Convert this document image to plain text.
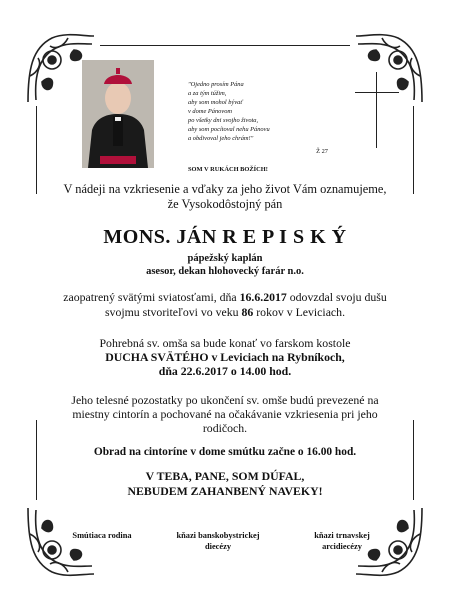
"Ojedno prosím Pána
a za tým túžim,
aby som mohol bývať
v dome Pánovom
po všetky dni svojho života,
aby som pocítoval nehu Pánovu
a obdivoval jeho chrám!"
Ž 27
SOM V RUKÁCH BOŽÍCH!
V nádeji na vzkriesenie a vďaky za jeho život Vám oznamujeme,
že Vysokodôstojný pán
MONS. JÁN R E P I S K Ý
pápežský kaplán
asesor, dekan hlohovecký farár n.o.
zaopatrený svätými sviatosťami, dňa 16.6.2017 odovzdal svoju dušu
svojmu stvoriteľovi vo veku 86 rokov v Leviciach.
Pohrebná sv. omša sa bude konať vo farskom kostole
DUCHA SVÄTÉHO v Leviciach na Rybníkoch,
dňa 22.6.2017 o 14.00 hod.
Jeho telesné pozostatky po ukončení sv. omše budú prevezené na
miestny cintorín a pochované na očakávanie vzkriesenia pri jeho
rodičoch.
Obrad na cintoríne v dome smútku začne o 16.00 hod.
V TEBA, PANE, SOM DÚFAL,
NEBUDEM ZAHANBENÝ NAVEKY!
Smútiaca rodina	kňazi banskobystrickej
diecézy
kňazi trnavskej
arcidiecézy
